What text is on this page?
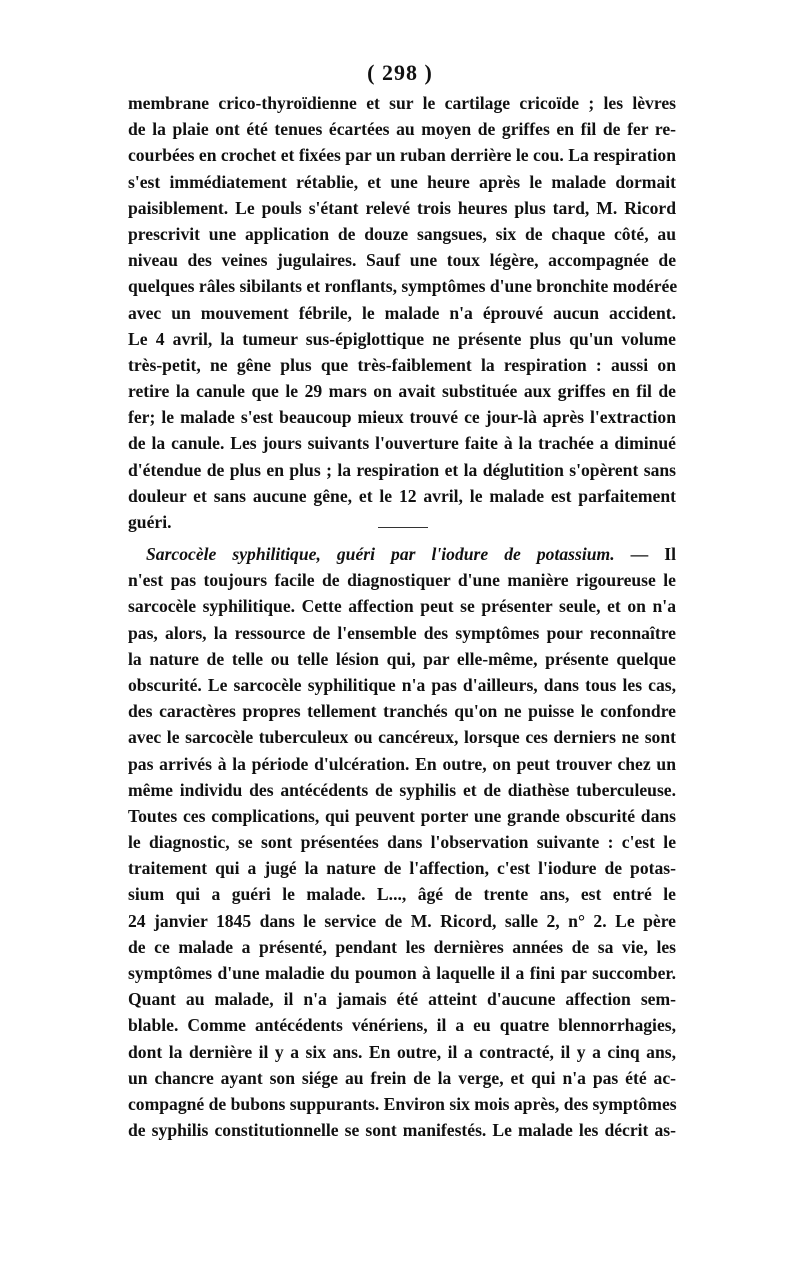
( 298 )
membrane crico-thyroïdienne et sur le cartilage cricoïde ; les lèvres
de la plaie ont été tenues écartées au moyen de griffes en fil de fer re-
courbées en crochet et fixées par un ruban derrière le cou. La respiration
s'est immédiatement rétablie, et une heure après le malade dormait
paisiblement. Le pouls s'étant relevé trois heures plus tard, M. Ricord
prescrivit une application de douze sangsues, six de chaque côté, au
niveau des veines jugulaires. Sauf une toux légère, accompagnée de
quelques râles sibilants et ronflants, symptômes d'une bronchite modérée
avec un mouvement fébrile, le malade n'a éprouvé aucun accident.
Le 4 avril, la tumeur sus-épiglottique ne présente plus qu'un volume
très-petit, ne gêne plus que très-faiblement la respiration : aussi on
retire la canule que le 29 mars on avait substituée aux griffes en fil de
fer; le malade s'est beaucoup mieux trouvé ce jour-là après l'extraction
de la canule. Les jours suivants l'ouverture faite à la trachée a diminué
d'étendue de plus en plus ; la respiration et la déglutition s'opèrent sans
douleur et sans aucune gêne, et le 12 avril, le malade est parfaitement
guéri.
Sarcocèle syphilitique, guéri par l'iodure de potassium. — Il
n'est pas toujours facile de diagnostiquer d'une manière rigoureuse le
sarcocèle syphilitique. Cette affection peut se présenter seule, et on n'a
pas, alors, la ressource de l'ensemble des symptômes pour reconnaître
la nature de telle ou telle lésion qui, par elle-même, présente quelque
obscurité. Le sarcocèle syphilitique n'a pas d'ailleurs, dans tous les cas,
des caractères propres tellement tranchés qu'on ne puisse le confondre
avec le sarcocèle tuberculeux ou cancéreux, lorsque ces derniers ne sont
pas arrivés à la période d'ulcération. En outre, on peut trouver chez un
même individu des antécédents de syphilis et de diathèse tuberculeuse.
Toutes ces complications, qui peuvent porter une grande obscurité dans
le diagnostic, se sont présentées dans l'observation suivante : c'est le
traitement qui a jugé la nature de l'affection, c'est l'iodure de potas-
sium qui a guéri le malade. L..., âgé de trente ans, est entré le
24 janvier 1845 dans le service de M. Ricord, salle 2, n° 2. Le père
de ce malade a présenté, pendant les dernières années de sa vie, les
symptômes d'une maladie du poumon à laquelle il a fini par succomber.
Quant au malade, il n'a jamais été atteint d'aucune affection sem-
blable. Comme antécédents vénériens, il a eu quatre blennorrhagies,
dont la dernière il y a six ans. En outre, il a contracté, il y a cinq ans,
un chancre ayant son siége au frein de la verge, et qui n'a pas été ac-
compagné de bubons suppurants. Environ six mois après, des symptômes
de syphilis constitutionnelle se sont manifestés. Le malade les décrit as-
